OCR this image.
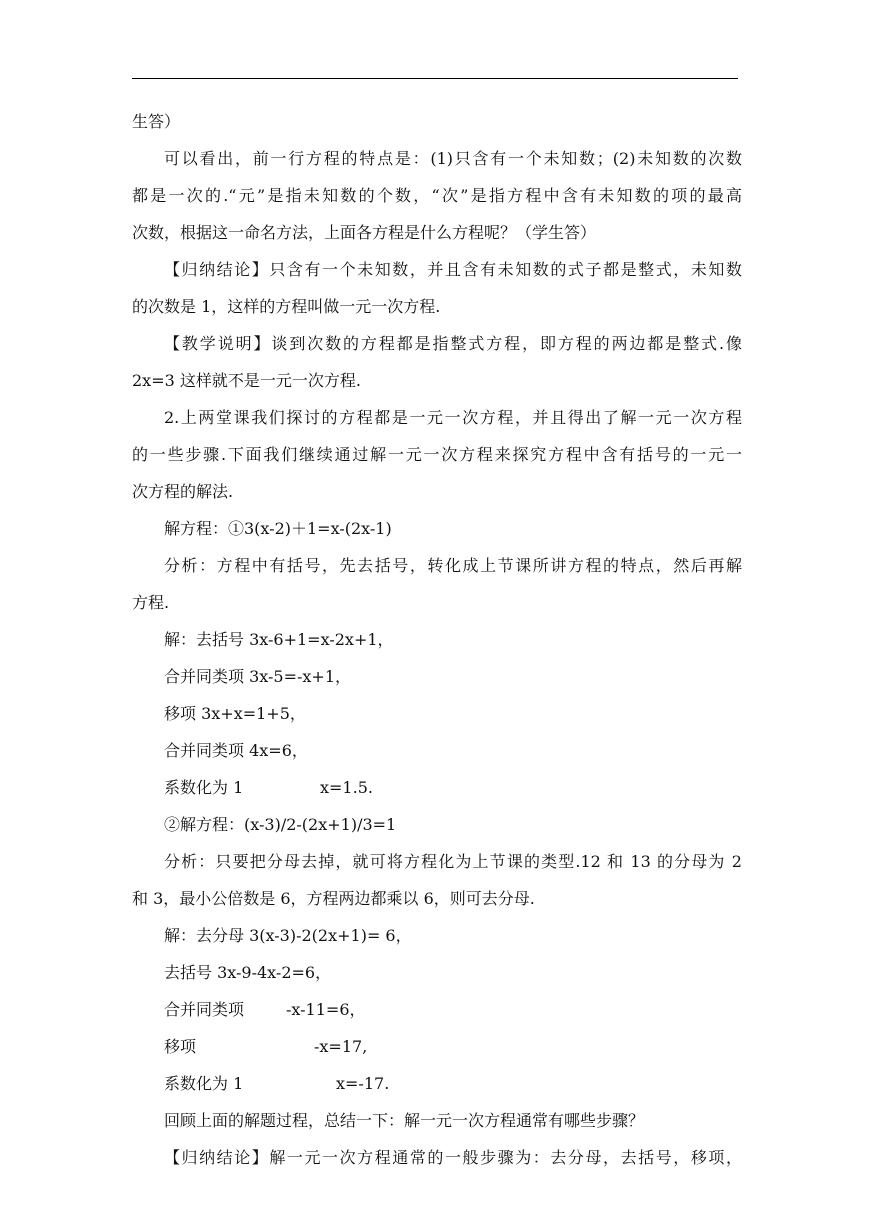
生答）
可以看出，前一行方程的特点是：(1)只含有一个未知数；(2)未知数的次数
都是一次的.“元”是指未知数的个数，“次”是指方程中含有未知数的项的最高
次数，根据这一命名方法，上面各方程是什么方程呢？（学生答）
【归纳结论】只含有一个未知数，并且含有未知数的式子都是整式，未知数
的次数是 1，这样的方程叫做一元一次方程.
【教学说明】谈到次数的方程都是指整式方程，即方程的两边都是整式.像
2x=3 这样就不是一元一次方程.
2.上两堂课我们探讨的方程都是一元一次方程，并且得出了解一元一次方程
的一些步骤.下面我们继续通过解一元一次方程来探究方程中含有括号的一元一
次方程的解法.
解方程：①3(x-2)＋1=x-(2x-1)
分析：方程中有括号，先去括号，转化成上节课所讲方程的特点，然后再解
方程.
解：去括号 3x-6+1=x-2x+1，
合并同类项 3x-5=-x+1，
移项 3x+x=1+5，
合并同类项 4x=6，
系数化为 1	x=1.5.
②解方程：(x-3)/2-(2x+1)/3=1
分析：只要把分母去掉，就可将方程化为上节课的类型.12 和 13 的分母为 2
和 3，最小公倍数是 6，方程两边都乘以 6，则可去分母.
解：去分母 3(x-3)-2(2x+1)= 6，
去括号 3x-9-4x-2=6，
合并同类项	-x-11=6，
移项	-x=17,
系数化为 1	x=-17.
回顾上面的解题过程，总结一下：解一元一次方程通常有哪些步骤？
【归纳结论】解一元一次方程通常的一般步骤为：去分母，去括号，移项，
